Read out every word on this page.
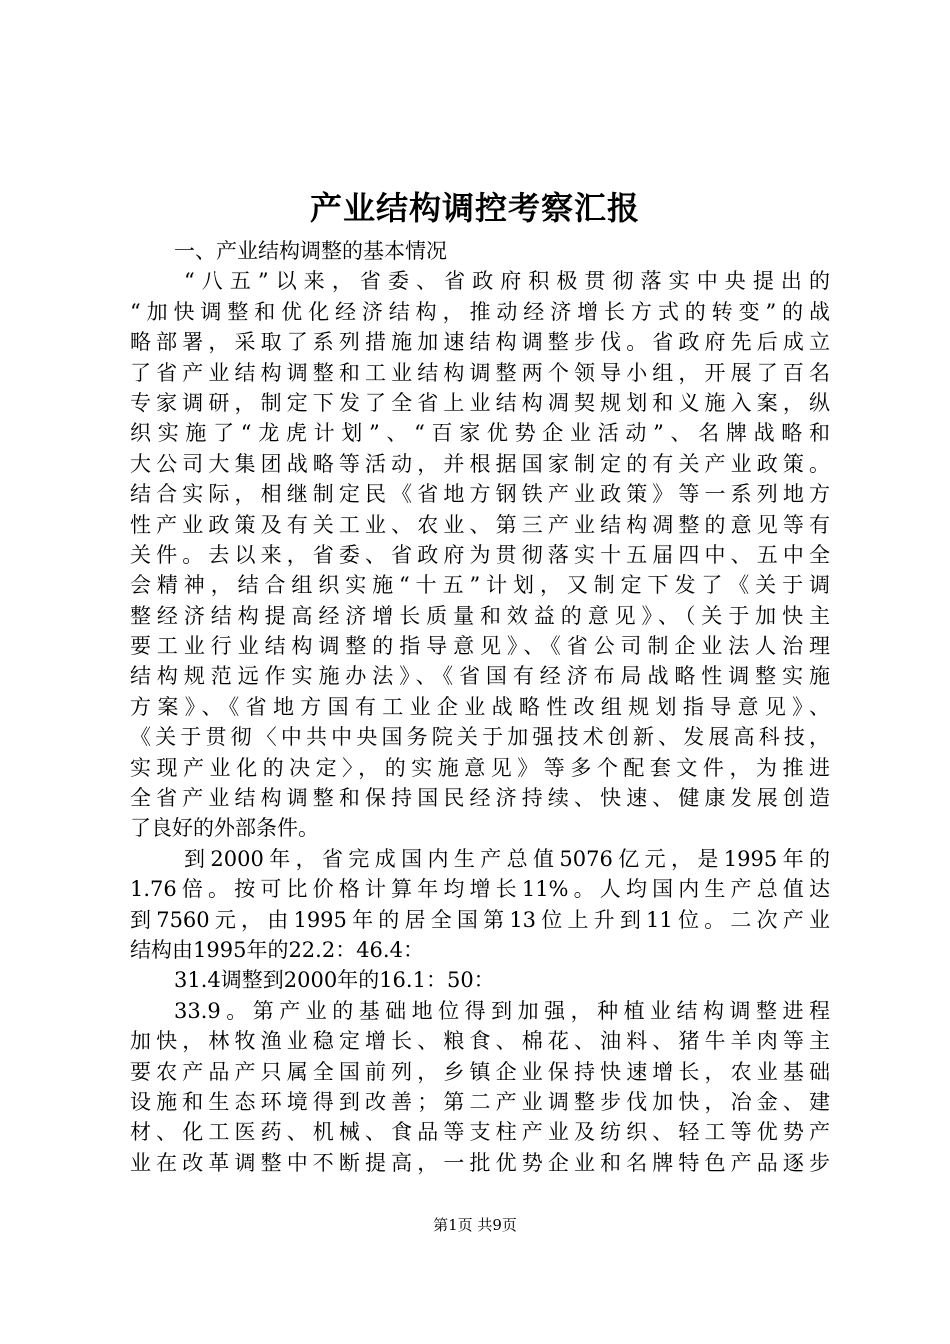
产业结构调控考察汇报
一、产业结构调整的基本情况
“八五”以来，省委、省政府积极贯彻落实中央提出的
“加快调整和优化经济结构，推动经济增长方式的转变”的战
略部署，采取了系列措施加速结构调整步伐。省政府先后成立
了省产业结构调整和工业结构调整两个领导小组，开展了百名
专家调研，制定下发了全省上业结构凋契规划和义施入案，纵
织实施了“龙虎计划”、“百家优势企业活动”、名牌战略和
大公司大集团战略等活动，并根据国家制定的有关产业政策。
结合实际，相继制定民《省地方钢铁产业政策》等一系列地方
性产业政策及有关工业、农业、第三产业结构凋整的意见等有
关件。去以来，省委、省政府为贯彻落实十五届四中、五中全
会精神，结合组织实施“十五”计划，又制定下发了《关于调
整经济结构提高经济增长质量和效益的意见》、（关于加快主
要工业行业结构调整的指导意见》、《省公司制企业法人治理
结构规范远作实施办法》、《省国有经济布局战略性调整实施
方案》、《省地方国有工业企业战略性改组规划指导意见》、
《关于贯彻〈中共中央国务院关于加强技术创新、发展高科技，
实现产业化的决定〉，的实施意见》等多个配套文件，为推进
全省产业结构调整和保持国民经济持续、快速、健康发展创造
了良好的外部条件。
到2000年，省完成国内生产总值5076亿元，是1995年的
1.76倍。按可比价格计算年均增长11%。人均国内生产总值达
到7560元，由1995年的居全国第13位上升到11位。二次产业
结构由1995年的22.2：46.4：
31.4调整到2000年的16.1：50：
33.9。第产业的基础地位得到加强，种植业结构调整进程
加快，林牧渔业稳定增长、粮食、棉花、油料、猪牛羊肉等主
要农产品产只属全国前列，乡镇企业保持快速增长，农业基础
设施和生态环境得到改善；第二产业调整步伐加快，冶金、建
材、化工医药、机械、食品等支柱产业及纺织、轻工等优势产
业在改革调整中不断提高，一批优势企业和名牌特色产品逐步
第1页 共9页
